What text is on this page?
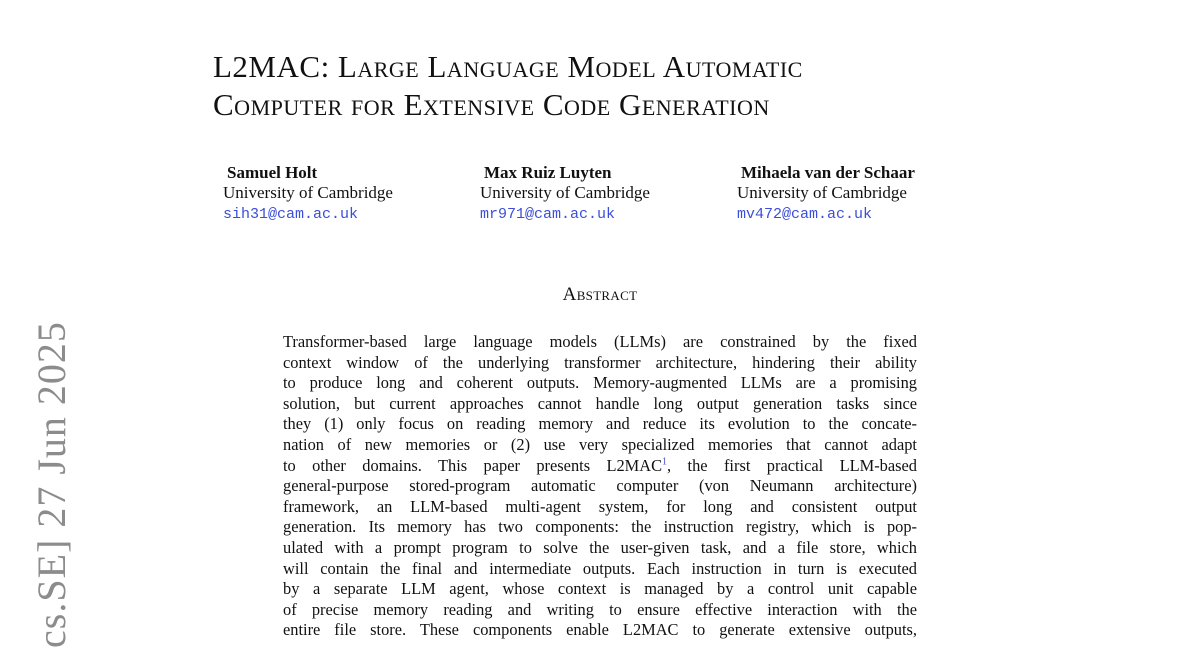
cs.SE] 27 Jun 2025
L2MAC: Large Language Model Automatic
Computer for Extensive Code Generation
Samuel Holt
University of Cambridge
sih31@cam.ac.uk
Max Ruiz Luyten
University of Cambridge
mr971@cam.ac.uk
Mihaela van der Schaar
University of Cambridge
mv472@cam.ac.uk
Abstract
Transformer-based large language models (LLMs) are constrained by the fixed
context window of the underlying transformer architecture, hindering their ability
to produce long and coherent outputs. Memory-augmented LLMs are a promising
solution, but current approaches cannot handle long output generation tasks since
they (1) only focus on reading memory and reduce its evolution to the concate-
nation of new memories or (2) use very specialized memories that cannot adapt
to other domains. This paper presents L2MAC$^1$, the first practical LLM-based
general-purpose stored-program automatic computer (von Neumann architecture)
framework, an LLM-based multi-agent system, for long and consistent output
generation. Its memory has two components: the instruction registry, which is pop-
ulated with a prompt program to solve the user-given task, and a file store, which
will contain the final and intermediate outputs. Each instruction in turn is executed
by a separate LLM agent, whose context is managed by a control unit capable
of precise memory reading and writing to ensure effective interaction with the
entire file store. These components enable L2MAC to generate extensive outputs,
